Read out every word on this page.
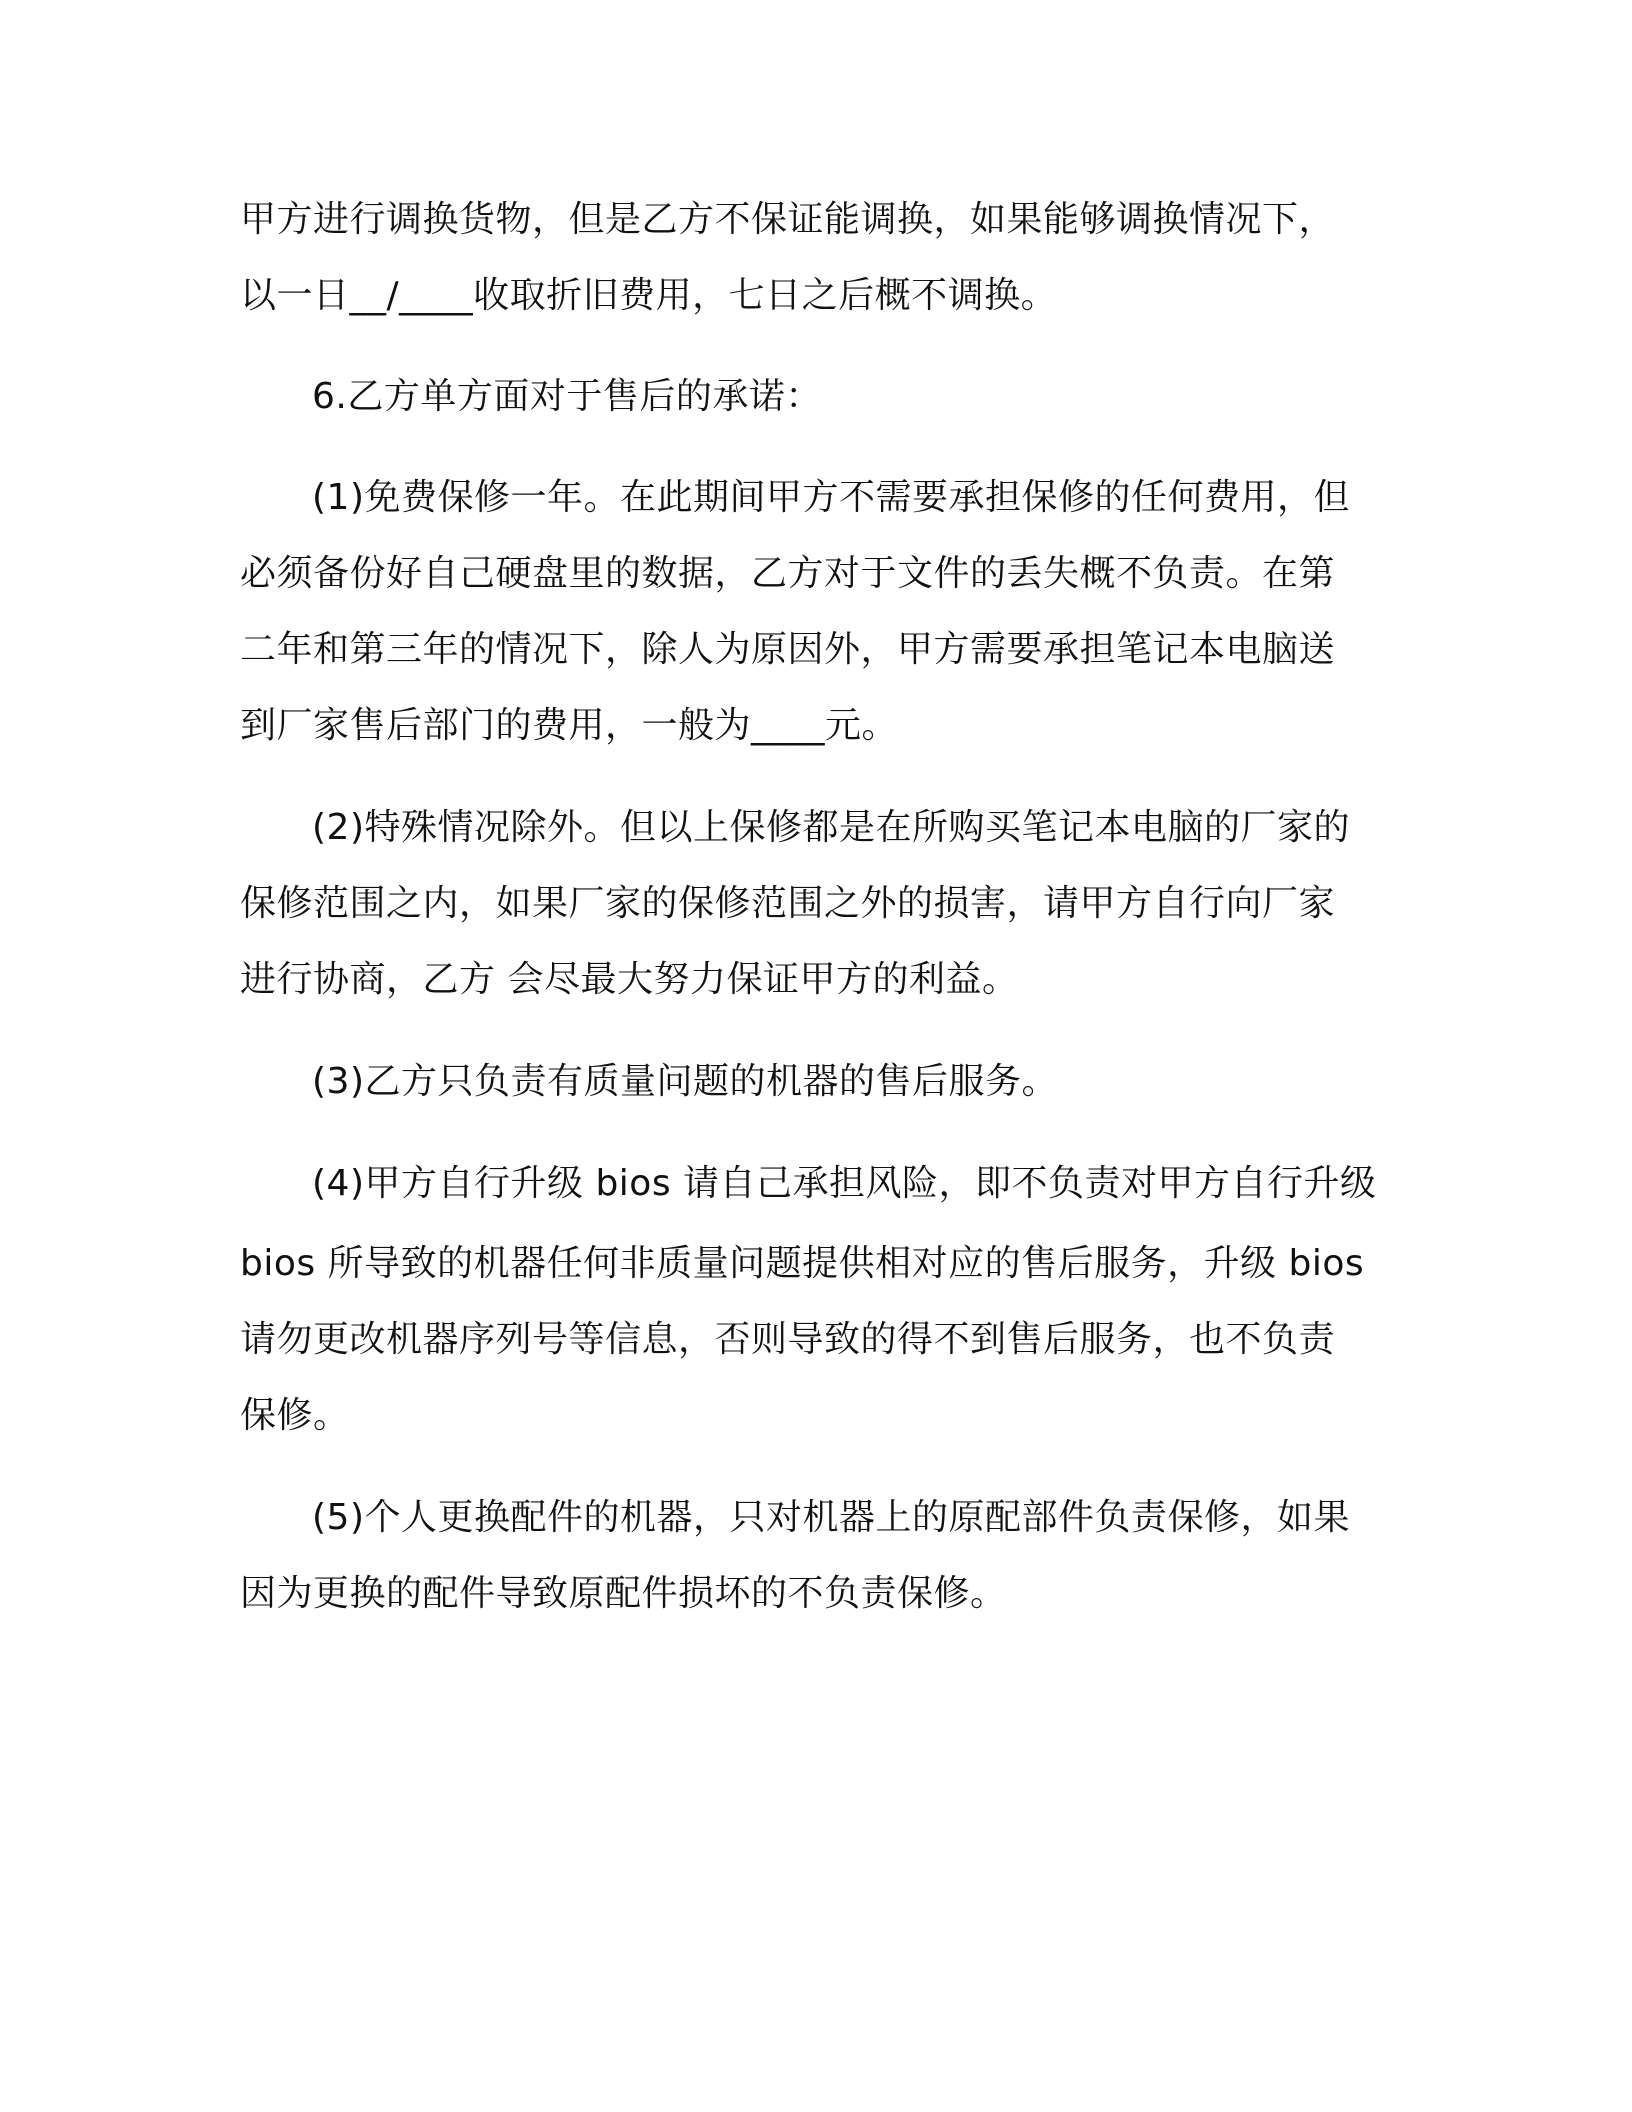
甲方进行调换货物，但是乙方不保证能调换，如果能够调换情况下，
以一日__/____收取折旧费用，七日之后概不调换。
6.乙方单方面对于售后的承诺：
(1)免费保修一年。在此期间甲方不需要承担保修的任何费用，但
必须备份好自己硬盘里的数据，乙方对于文件的丢失概不负责。在第
二年和第三年的情况下，除人为原因外，甲方需要承担笔记本电脑送
到厂家售后部门的费用，一般为____元。
(2)特殊情况除外。但以上保修都是在所购买笔记本电脑的厂家的
保修范围之内，如果厂家的保修范围之外的损害，请甲方自行向厂家
进行协商，乙方 会尽最大努力保证甲方的利益。
(3)乙方只负责有质量问题的机器的售后服务。
(4)甲方自行升级 bios 请自己承担风险，即不负责对甲方自行升级
bios 所导致的机器任何非质量问题提供相对应的售后服务，升级 bios
请勿更改机器序列号等信息，否则导致的得不到售后服务，也不负责
保修。
(5)个人更换配件的机器，只对机器上的原配部件负责保修，如果
因为更换的配件导致原配件损坏的不负责保修。
